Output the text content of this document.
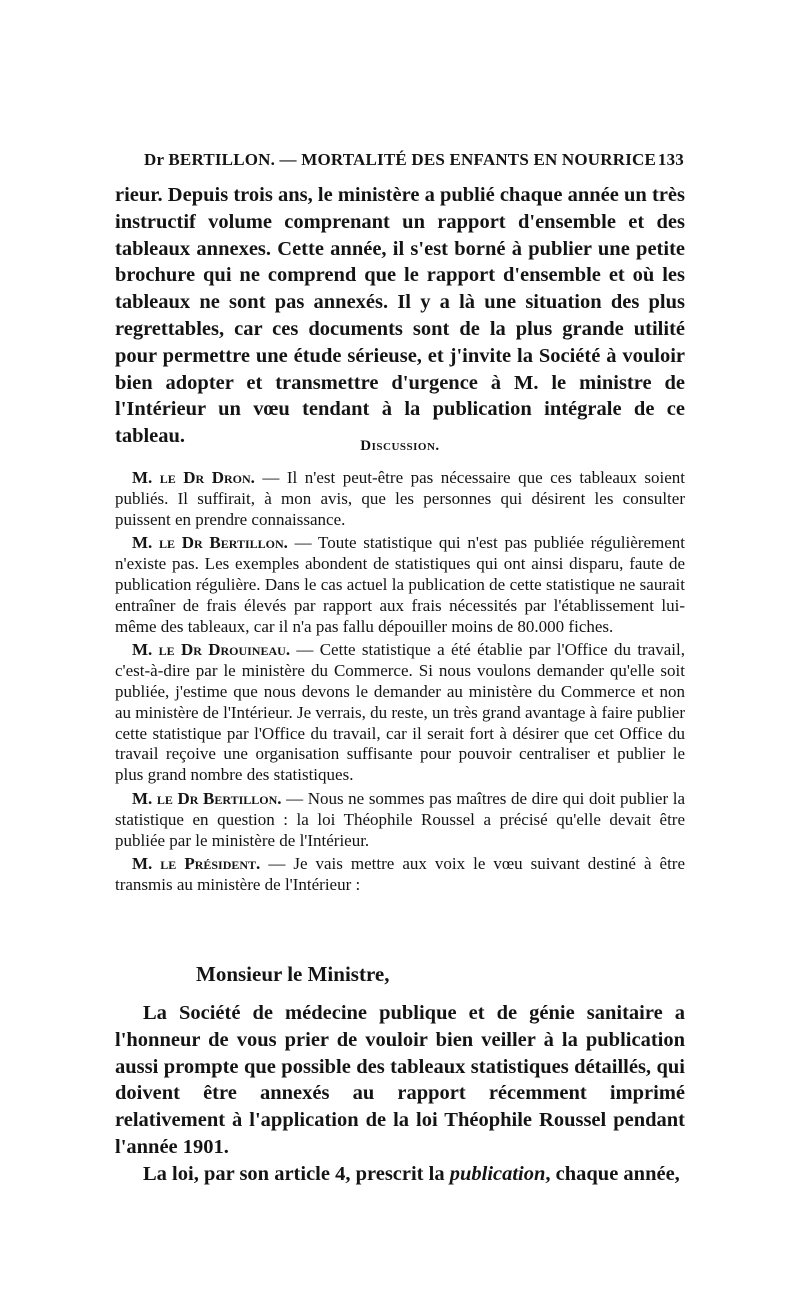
Dr BERTILLON. — MORTALITÉ DES ENFANTS EN NOURRICE 133

rieur. Depuis trois ans, le ministère a publié chaque année un très instructif volume comprenant un rapport d'ensemble et des tableaux annexes. Cette année, il s'est borné à publier une petite brochure qui ne comprend que le rapport d'ensemble et où les tableaux ne sont pas annexés. Il y a là une situation des plus regrettables, car ces documents sont de la plus grande utilité pour permettre une étude sérieuse, et j'invite la Société à vouloir bien adopter et transmettre d'urgence à M. le ministre de l'Intérieur un vœu tendant à la publication intégrale de ce tableau.	Discussion.

M. le Dr Dron. — Il n'est peut-être pas nécessaire que ces tableaux soient publiés. Il suffirait, à mon avis, que les personnes qui désirent les consulter puissent en prendre connaissance.

M. le Dr Bertillon. — Toute statistique qui n'est pas publiée régulièrement n'existe pas. Les exemples abondent de statistiques qui ont ainsi disparu, faute de publication régulière. Dans le cas actuel la publication de cette statistique ne saurait entraîner de frais élevés par rapport aux frais nécessités par l'établissement lui-même des tableaux, car il n'a pas fallu dépouiller moins de 80.000 fiches.

M. le Dr Drouineau. — Cette statistique a été établie par l'Office du travail, c'est-à-dire par le ministère du Commerce. Si nous voulons demander qu'elle soit publiée, j'estime que nous devons le demander au ministère du Commerce et non au ministère de l'Intérieur. Je verrais, du reste, un très grand avantage à faire publier cette statistique par l'Office du travail, car il serait fort à désirer que cet Office du travail reçoive une organisation suffisante pour pouvoir centraliser et publier le plus grand nombre des statistiques.

M. le Dr Bertillon. — Nous ne sommes pas maîtres de dire qui doit publier la statistique en question : la loi Théophile Roussel a précisé qu'elle devait être publiée par le ministère de l'Intérieur.

M. le Président. — Je vais mettre aux voix le vœu suivant destiné à être transmis au ministère de l'Intérieur :

Monsieur le Ministre,

La Société de médecine publique et de génie sanitaire a l'honneur de vous prier de vouloir bien veiller à la publication aussi prompte que possible des tableaux statistiques détaillés, qui doivent être annexés au rapport récemment imprimé relativement à l'application de la loi Théophile Roussel pendant l'année 1901.

La loi, par son article 4, prescrit la publication, chaque année,
